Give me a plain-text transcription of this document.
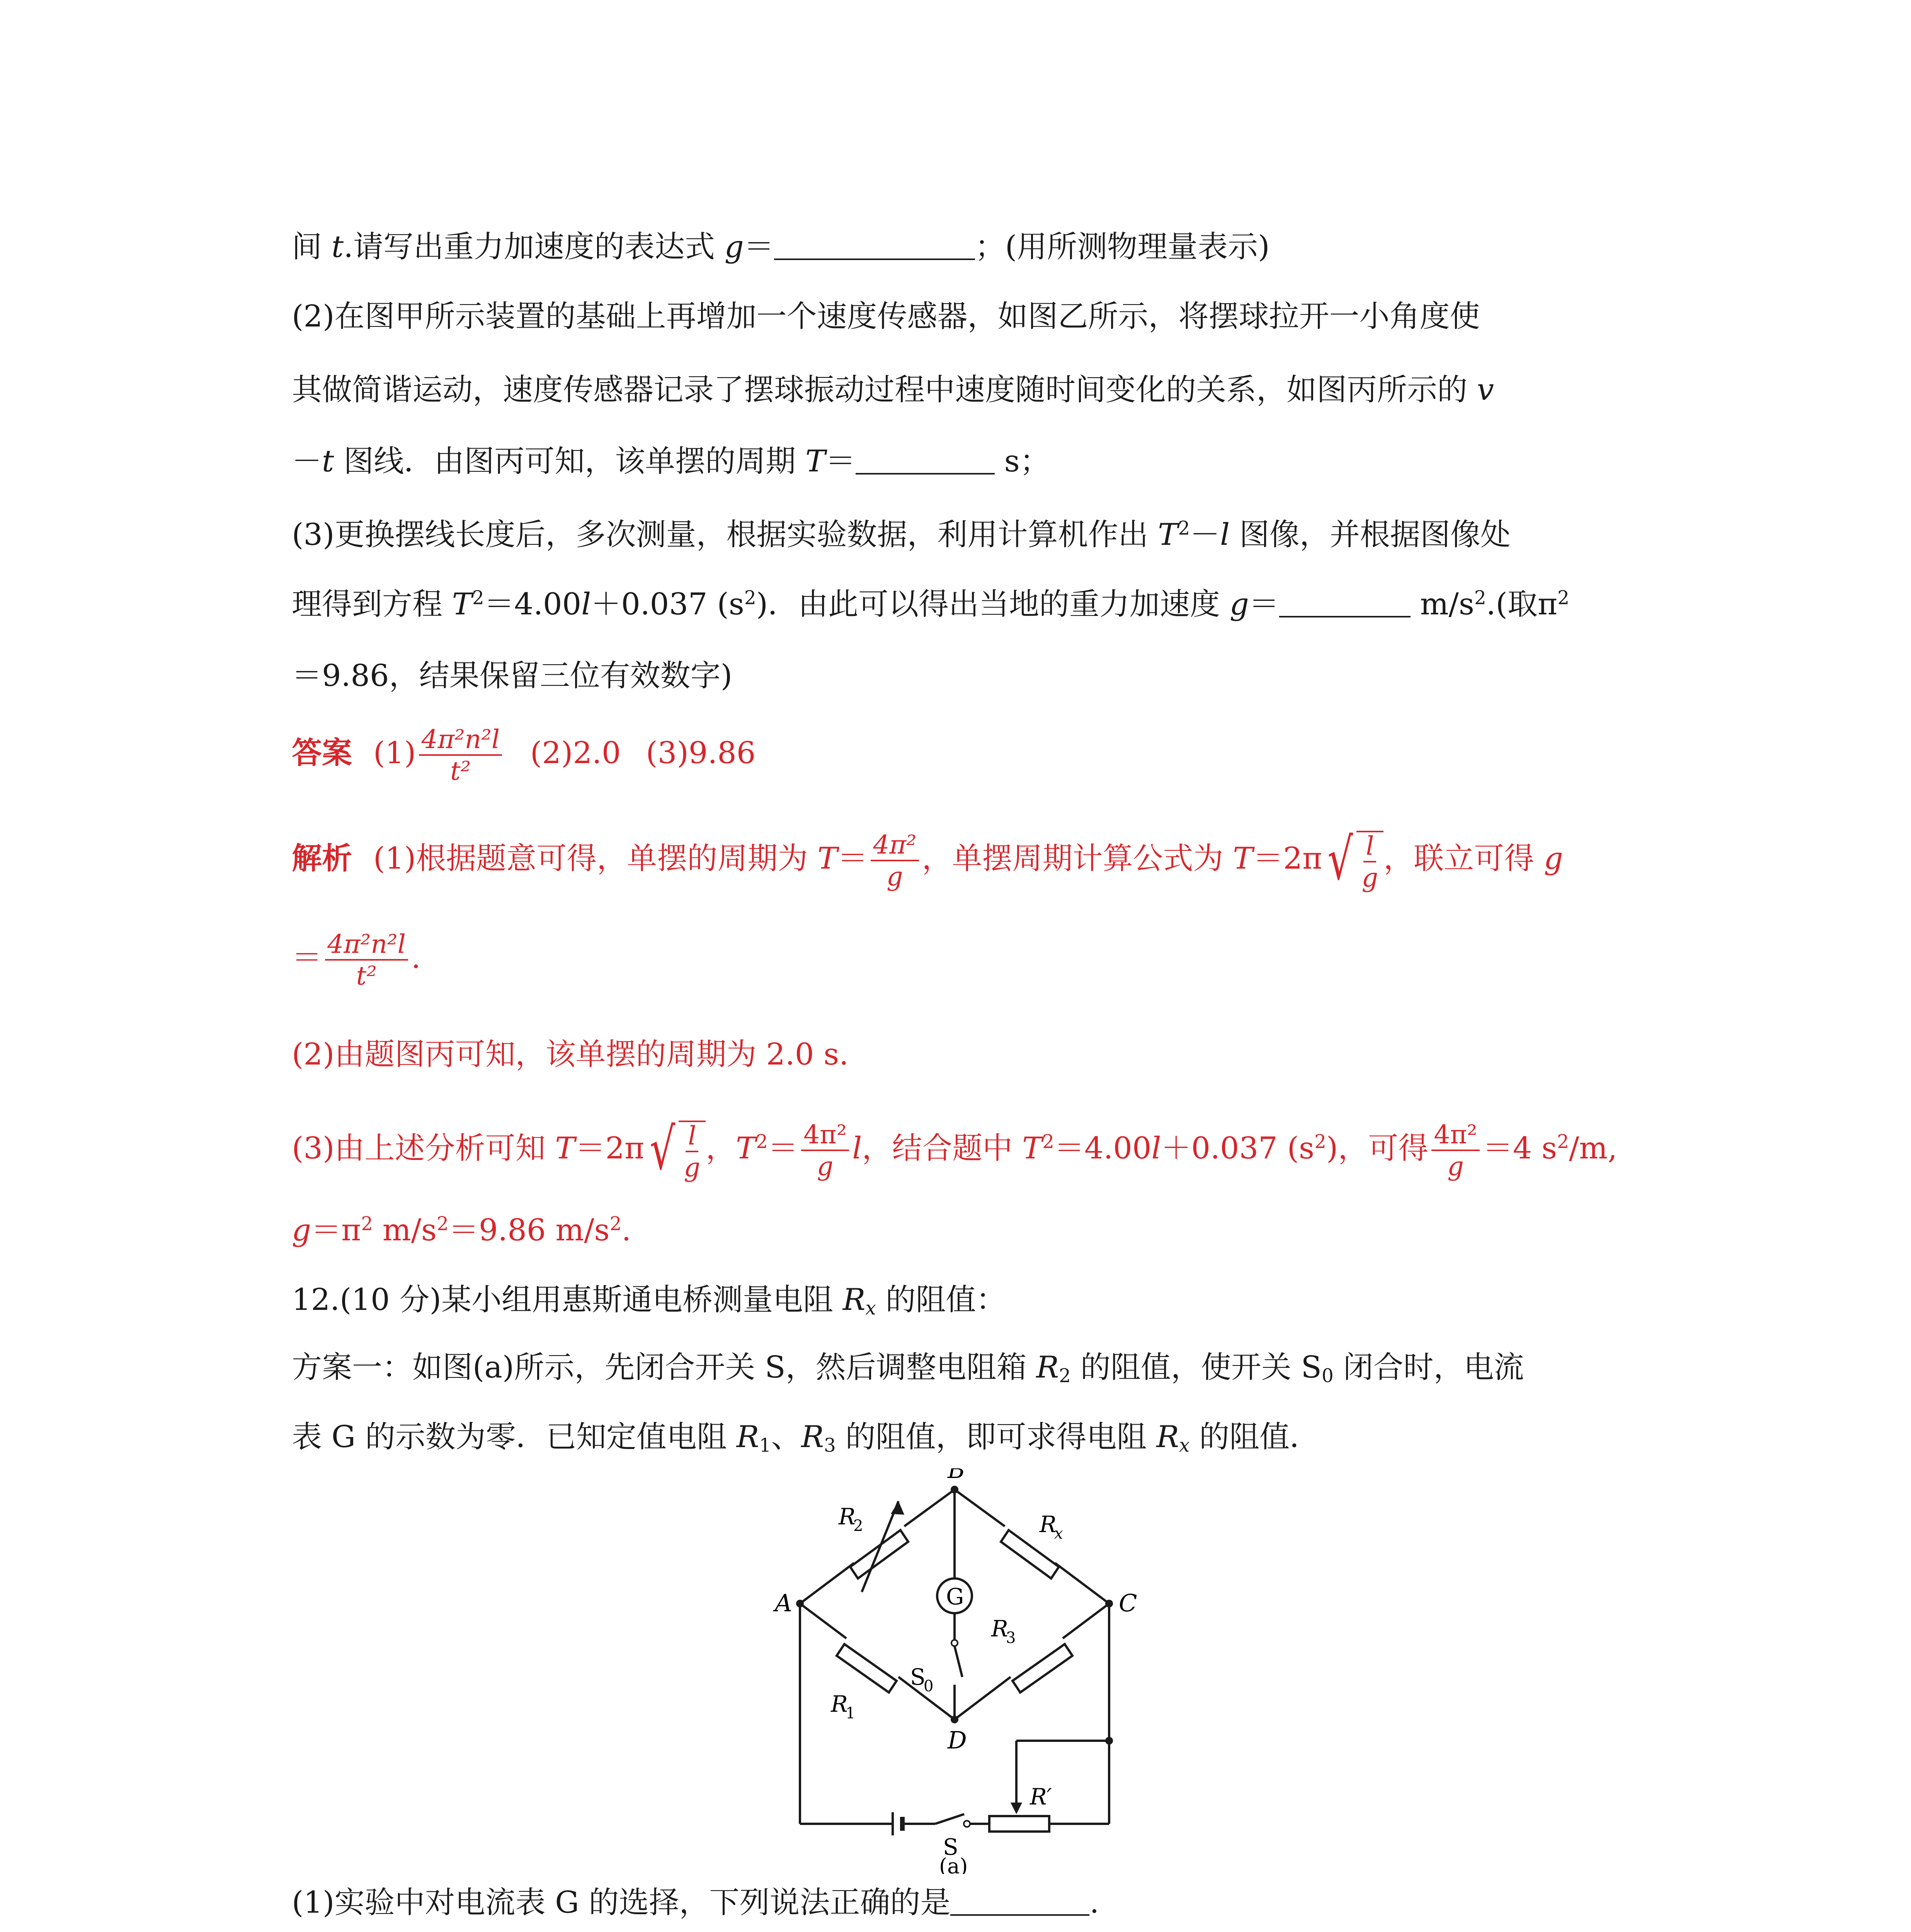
间 t.请写出重力加速度的表达式 g＝	；(用所测物理量表示)
(2)在图甲所示装置的基础上再增加一个速度传感器，如图乙所示，将摆球拉开一小角度使
其做简谐运动，速度传感器记录了摆球振动过程中速度随时间变化的关系，如图丙所示的 v
－t 图线．由图丙可知，该单摆的周期 T＝	s；
(3)更换摆线长度后，多次测量，根据实验数据，利用计算机作出 $T^2-l$ 图像，并根据图像处
理得到方程 $T^2=4.00l+0.037$ $(s^2)$．由此可以得出当地的重力加速度 g＝	$m/s^2$.(取$\pi^2$
＝9.86，结果保留三位有效数字)
答案 $(1) \frac{\text{4π²n²l}}{\text{t²}} (2)2.0$ (3)9.86
解析 (1)根据题意可得，单摆的周期为 $T= \frac{\text{4π²}}{g}$ ，单摆周期计算公式为 T＝2π √ $\frac{l}{g}$ ，联立可得 g
＝ $\frac{\text{4π²n²l}}{\text{t²}}$ .
(2)由题图丙可知，该单摆的周期为 2.0 s.
(3)由上述分析可知 T＝2π √ $\frac{l}{g}$ ，$T^2= \frac{\text{4π²}}{g}$ l，结合题中 $T^2=4.00l+0.037$ $(s^2)$，可得 $\frac{\text{4π²}}{g} =4$ $s^2/m$,
$g=\pi^2$ $m/s^2=9.86$ $m/s^2$.
12.(10 分)某小组用惠斯通电桥测量电阻 $R_x$ 的阻值：
方案一：如图(a)所示，先闭合开关 S，然后调整电阻箱 $R_2$ 的阻值，使开关 $S_0$ 闭合时，电流
表 G 的示数为零．已知定值电阻 $R_1$、$R_3$ 的阻值，即可求得电阻 $R_x$ 的阻值．
B
A	C
D
G
R
2	R
x
R
1
R
3
S
0
R′
S
(a)
(1)实验中对电流表 G 的选择，下列说法正确的是	.
